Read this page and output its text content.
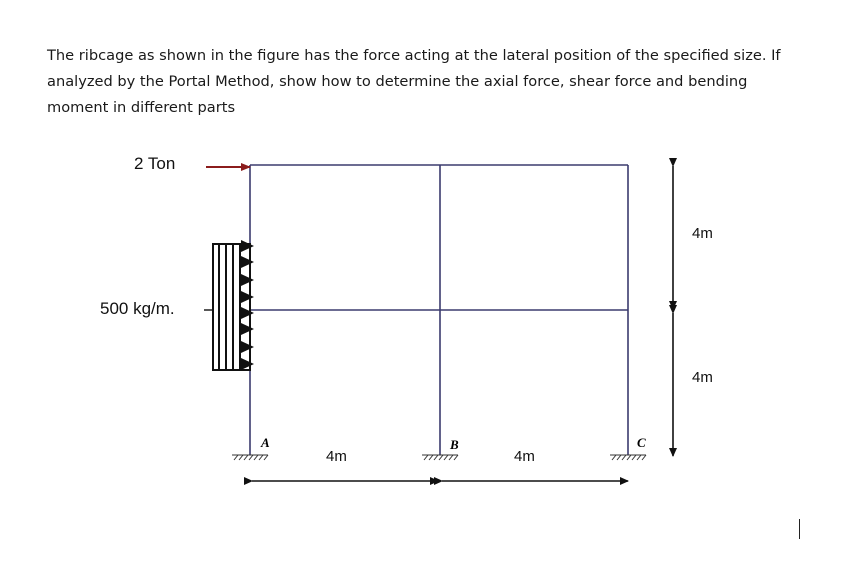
The ribcage as shown in the figure has the force acting at the lateral position of the specified size. If
analyzed by the Portal Method, show how to determine the axial force, shear force and bending
moment in different parts
2 Ton
500 kg/m.
A	B	C
4m	4m
4m
4m
